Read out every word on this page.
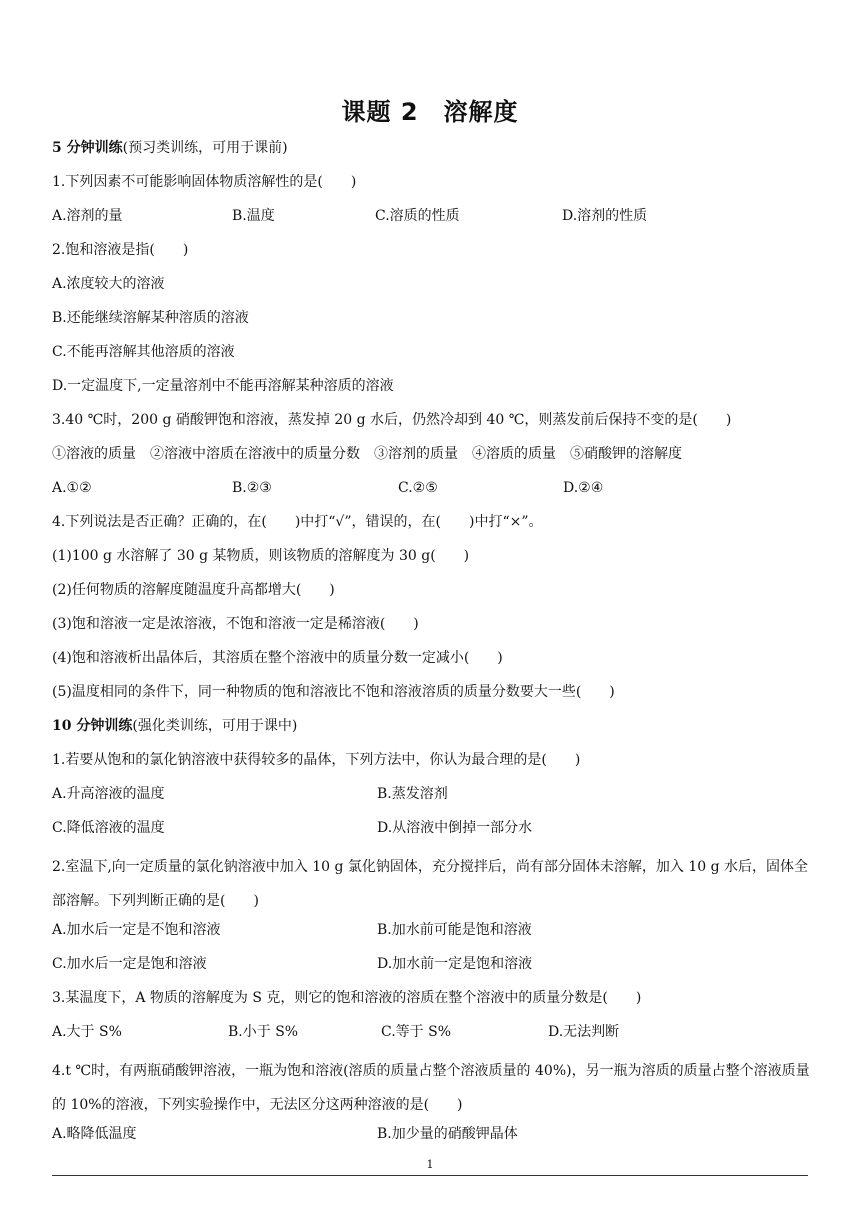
课题 2　溶解度
5 分钟训练(预习类训练，可用于课前)
1.下列因素不可能影响固体物质溶解性的是(　　)
A.溶剂的量	B.温度	C.溶质的性质	D.溶剂的性质
2.饱和溶液是指(　　)
A.浓度较大的溶液
B.还能继续溶解某种溶质的溶液
C.不能再溶解其他溶质的溶液
D.一定温度下,一定量溶剂中不能再溶解某种溶质的溶液
3.40 ℃时，200 g 硝酸钾饱和溶液，蒸发掉 20 g 水后，仍然冷却到 40 ℃，则蒸发前后保持不变的是(　　)
①溶液的质量　②溶液中溶质在溶液中的质量分数　③溶剂的质量　④溶质的质量　⑤硝酸钾的溶解度
A.①②	B.②③	C.②⑤	D.②④
4.下列说法是否正确？正确的，在(　　)中打“√”，错误的，在(　　)中打“×”。
(1)100 g 水溶解了 30 g 某物质，则该物质的溶解度为 30 g(　　)
(2)任何物质的溶解度随温度升高都增大(　　)
(3)饱和溶液一定是浓溶液，不饱和溶液一定是稀溶液(　　)
(4)饱和溶液析出晶体后，其溶质在整个溶液中的质量分数一定减小(　　)
(5)温度相同的条件下，同一种物质的饱和溶液比不饱和溶液溶质的质量分数要大一些(　　)
10 分钟训练(强化类训练，可用于课中)
1.若要从饱和的氯化钠溶液中获得较多的晶体，下列方法中，你认为最合理的是(　　)
A.升高溶液的温度	B.蒸发溶剂
C.降低溶液的温度	D.从溶液中倒掉一部分水
2.室温下,向一定质量的氯化钠溶液中加入 10 g 氯化钠固体，充分搅拌后，尚有部分固体未溶解，加入 10 g 水后，固体全部溶解。下列判断正确的是(　　)
A.加水后一定是不饱和溶液	B.加水前可能是饱和溶液
C.加水后一定是饱和溶液	D.加水前一定是饱和溶液
3.某温度下，A 物质的溶解度为 S 克，则它的饱和溶液的溶质在整个溶液中的质量分数是(　　)
A.大于 S%	B.小于 S%	C.等于 S%	D.无法判断
4.t ℃时，有两瓶硝酸钾溶液，一瓶为饱和溶液(溶质的质量占整个溶液质量的 40%)，另一瓶为溶质的质量占整个溶液质量的 10%的溶液，下列实验操作中，无法区分这两种溶液的是(　　)
A.略降低温度	B.加少量的硝酸钾晶体
1
